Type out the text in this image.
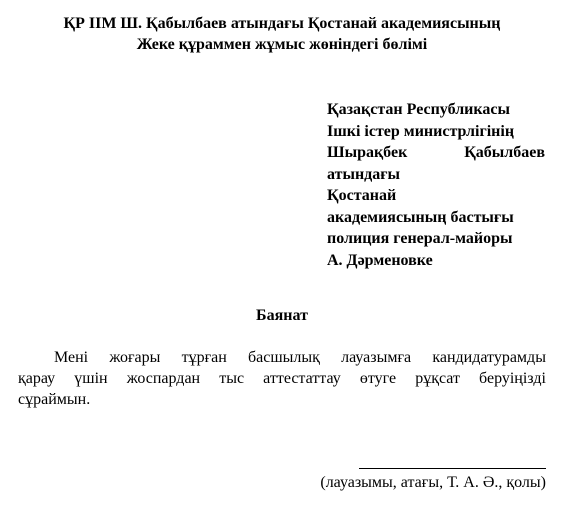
ҚР ІІМ Ш. Қабылбаев атындағы Қостанай академиясының
Жеке құраммен жұмыс жөніндегі бөлімі
Қазақстан Республикасы
Ішкі істер министрлігінің
Шырақбек	Қабылбаев
атындағы
Қостанай
академиясының бастығы
полиция генерал-майоры
А. Дәрменовке
Баянат
Мені жоғары тұрған басшылық лауазымға кандидатурамды
қарау үшін жоспардан тыс аттестаттау өтуге рұқсат беруіңізді
сұраймын.
(лауазымы, атағы, Т. А. Ә., қолы)
